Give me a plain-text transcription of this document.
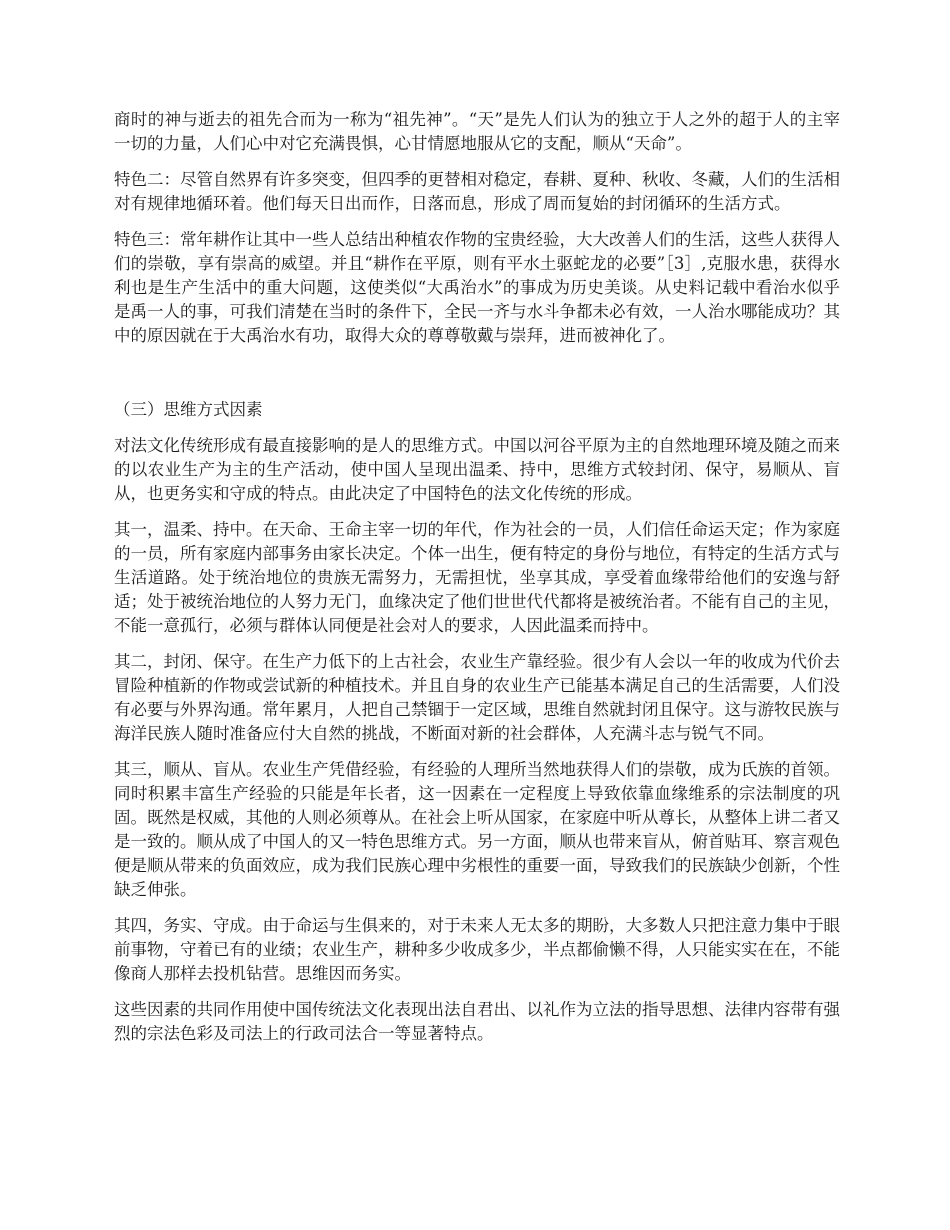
商时的神与逝去的祖先合而为一称为“祖先神”。“天”是先人们认为的独立于人之外的超于人的主宰一切的力量，人们心中对它充满畏惧，心甘情愿地服从它的支配，顺从“天命”。

特色二：尽管自然界有许多突变，但四季的更替相对稳定，春耕、夏种、秋收、冬藏，人们的生活相对有规律地循环着。他们每天日出而作，日落而息，形成了周而复始的封闭循环的生活方式。

特色三：常年耕作让其中一些人总结出种植农作物的宝贵经验，大大改善人们的生活，这些人获得人们的崇敬，享有崇高的威望。并且“耕作在平原，则有平水土驱蛇龙的必要”［3］,克服水患，获得水利也是生产生活中的重大问题，这使类似“大禹治水”的事成为历史美谈。从史料记载中看治水似乎是禹一人的事，可我们清楚在当时的条件下，全民一齐与水斗争都未必有效，一人治水哪能成功？其中的原因就在于大禹治水有功，取得大众的尊尊敬戴与崇拜，进而被神化了。

（三）思维方式因素

对法文化传统形成有最直接影响的是人的思维方式。中国以河谷平原为主的自然地理环境及随之而来的以农业生产为主的生产活动，使中国人呈现出温柔、持中，思维方式较封闭、保守，易顺从、盲从，也更务实和守成的特点。由此决定了中国特色的法文化传统的形成。

其一，温柔、持中。在天命、王命主宰一切的年代，作为社会的一员，人们信任命运天定；作为家庭的一员，所有家庭内部事务由家长决定。个体一出生，便有特定的身份与地位，有特定的生活方式与生活道路。处于统治地位的贵族无需努力，无需担忧，坐享其成，享受着血缘带给他们的安逸与舒适；处于被统治地位的人努力无门，血缘决定了他们世世代代都将是被统治者。不能有自己的主见，不能一意孤行，必须与群体认同便是社会对人的要求，人因此温柔而持中。

其二，封闭、保守。在生产力低下的上古社会，农业生产靠经验。很少有人会以一年的收成为代价去冒险种植新的作物或尝试新的种植技术。并且自身的农业生产已能基本满足自己的生活需要，人们没有必要与外界沟通。常年累月，人把自己禁锢于一定区域，思维自然就封闭且保守。这与游牧民族与海洋民族人随时准备应付大自然的挑战，不断面对新的社会群体，人充满斗志与锐气不同。

其三，顺从、盲从。农业生产凭借经验，有经验的人理所当然地获得人们的崇敬，成为氏族的首领。同时积累丰富生产经验的只能是年长者，这一因素在一定程度上导致依靠血缘维系的宗法制度的巩固。既然是权威，其他的人则必须尊从。在社会上听从国家，在家庭中听从尊长，从整体上讲二者又是一致的。顺从成了中国人的又一特色思维方式。另一方面，顺从也带来盲从，俯首贴耳、察言观色便是顺从带来的负面效应，成为我们民族心理中劣根性的重要一面，导致我们的民族缺少创新，个性缺乏伸张。

其四，务实、守成。由于命运与生俱来的，对于未来人无太多的期盼，大多数人只把注意力集中于眼前事物，守着已有的业绩；农业生产，耕种多少收成多少，半点都偷懒不得，人只能实实在在，不能像商人那样去投机钻营。思维因而务实。

这些因素的共同作用使中国传统法文化表现出法自君出、以礼作为立法的指导思想、法律内容带有强烈的宗法色彩及司法上的行政司法合一等显著特点。
